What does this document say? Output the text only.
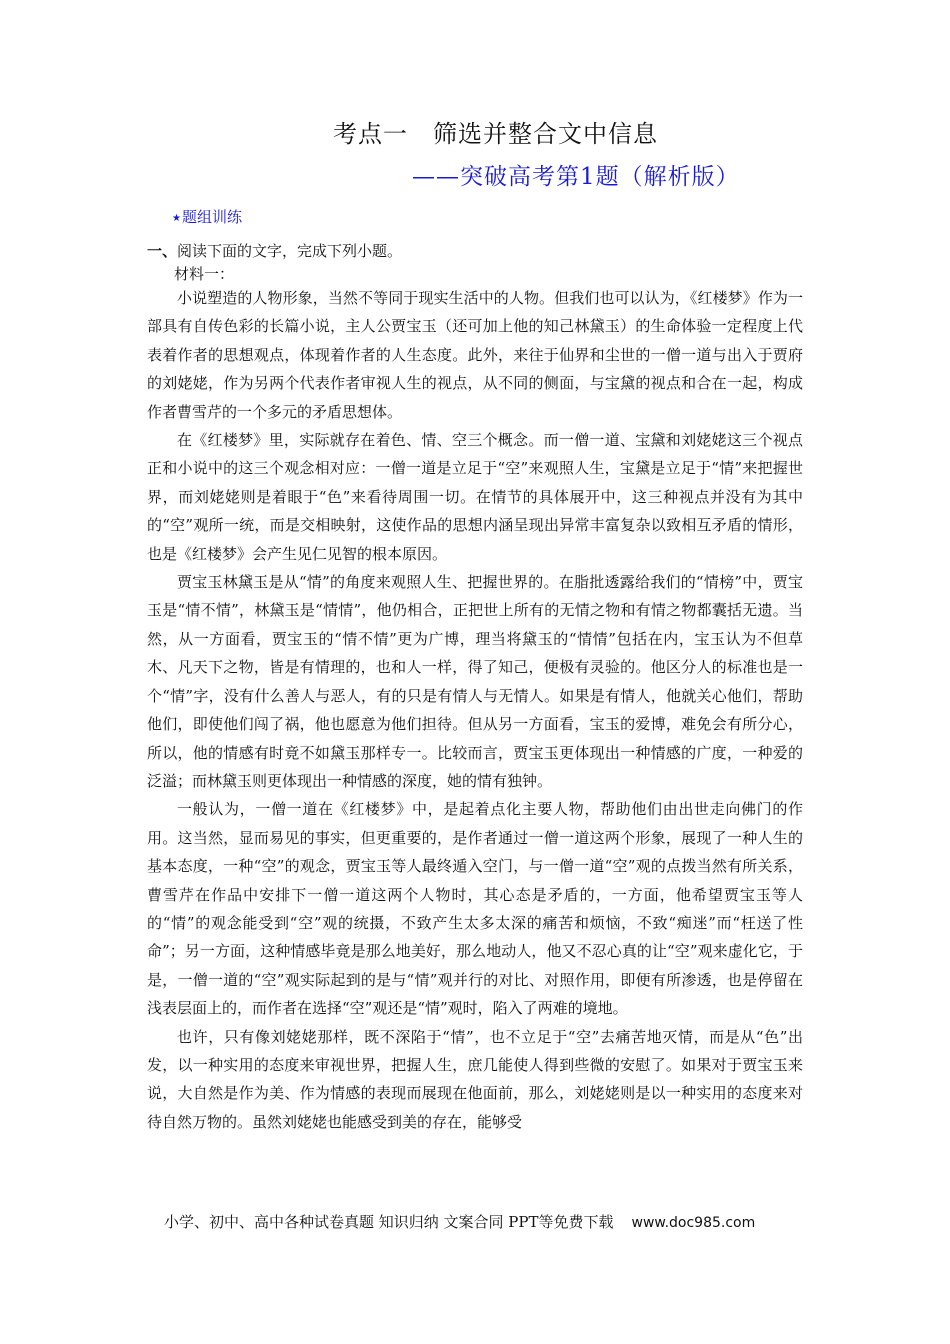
考点一　筛选并整合文中信息
——突破高考第1题（解析版）
★题组训练
一、阅读下面的文字，完成下列小题。
材料一：

小说塑造的人物形象，当然不等同于现实生活中的人物。但我们也可以认为，《红楼梦》作为一部具有自传色彩的长篇小说，主人公贾宝玉（还可加上他的知己林黛玉）的生命体验一定程度上代表着作者的思想观点，体现着作者的人生态度。此外，来往于仙界和尘世的一僧一道与出入于贾府的刘姥姥，作为另两个代表作者审视人生的视点，从不同的侧面，与宝黛的视点和合在一起，构成作者曹雪芹的一个多元的矛盾思想体。

在《红楼梦》里，实际就存在着色、情、空三个概念。而一僧一道、宝黛和刘姥姥这三个视点正和小说中的这三个观念相对应：一僧一道是立足于“空”来观照人生，宝黛是立足于“情”来把握世界，而刘姥姥则是着眼于“色”来看待周围一切。在情节的具体展开中，这三种视点并没有为其中的“空”观所一统，而是交相映射，这使作品的思想内涵呈现出异常丰富复杂以致相互矛盾的情形，也是《红楼梦》会产生见仁见智的根本原因。

贾宝玉林黛玉是从“情”的角度来观照人生、把握世界的。在脂批透露给我们的“情榜”中，贾宝玉是“情不情”，林黛玉是“情情”，他仍相合，正把世上所有的无情之物和有情之物都囊括无遗。当然，从一方面看，贾宝玉的“情不情”更为广博，理当将黛玉的“情情”包括在内，宝玉认为不但草木、凡天下之物，皆是有情理的，也和人一样，得了知己，便极有灵验的。他区分人的标准也是一个“情”字，没有什么善人与恶人，有的只是有情人与无情人。如果是有情人，他就关心他们，帮助他们，即使他们闯了祸，他也愿意为他们担待。但从另一方面看，宝玉的爱博，难免会有所分心，所以，他的情感有时竟不如黛玉那样专一。比较而言，贾宝玉更体现出一种情感的广度，一种爱的泛溢；而林黛玉则更体现出一种情感的深度，她的情有独钟。

一般认为，一僧一道在《红楼梦》中，是起着点化主要人物，帮助他们由出世走向佛门的作用。这当然，显而易见的事实，但更重要的，是作者通过一僧一道这两个形象，展现了一种人生的基本态度，一种“空”的观念，贾宝玉等人最终遁入空门，与一僧一道“空”观的点拨当然有所关系，曹雪芹在作品中安排下一僧一道这两个人物时，其心态是矛盾的，一方面，他希望贾宝玉等人的“情”的观念能受到“空”观的统摄，不致产生太多太深的痛苦和烦恼，不致“痴迷”而“枉送了性命”；另一方面，这种情感毕竟是那么地美好，那么地动人，他又不忍心真的让“空”观来虚化它，于是，一僧一道的“空”观实际起到的是与“情”观并行的对比、对照作用，即便有所渗透，也是停留在浅表层面上的，而作者在选择“空”观还是“情”观时，陷入了两难的境地。

也许，只有像刘姥姥那样，既不深陷于“情”，也不立足于“空”去痛苦地灭情，而是从“色”出发，以一种实用的态度来审视世界，把握人生，庶几能使人得到些微的安慰了。如果对于贾宝玉来说，大自然是作为美、作为情感的表现而展现在他面前，那么，刘姥姥则是以一种实用的态度来对待自然万物的。虽然刘姥姥也能感受到美的存在，能够受

小学、初中、高中各种试卷真题 知识归纳 文案合同 PPT等免费下载 www.doc985.com
